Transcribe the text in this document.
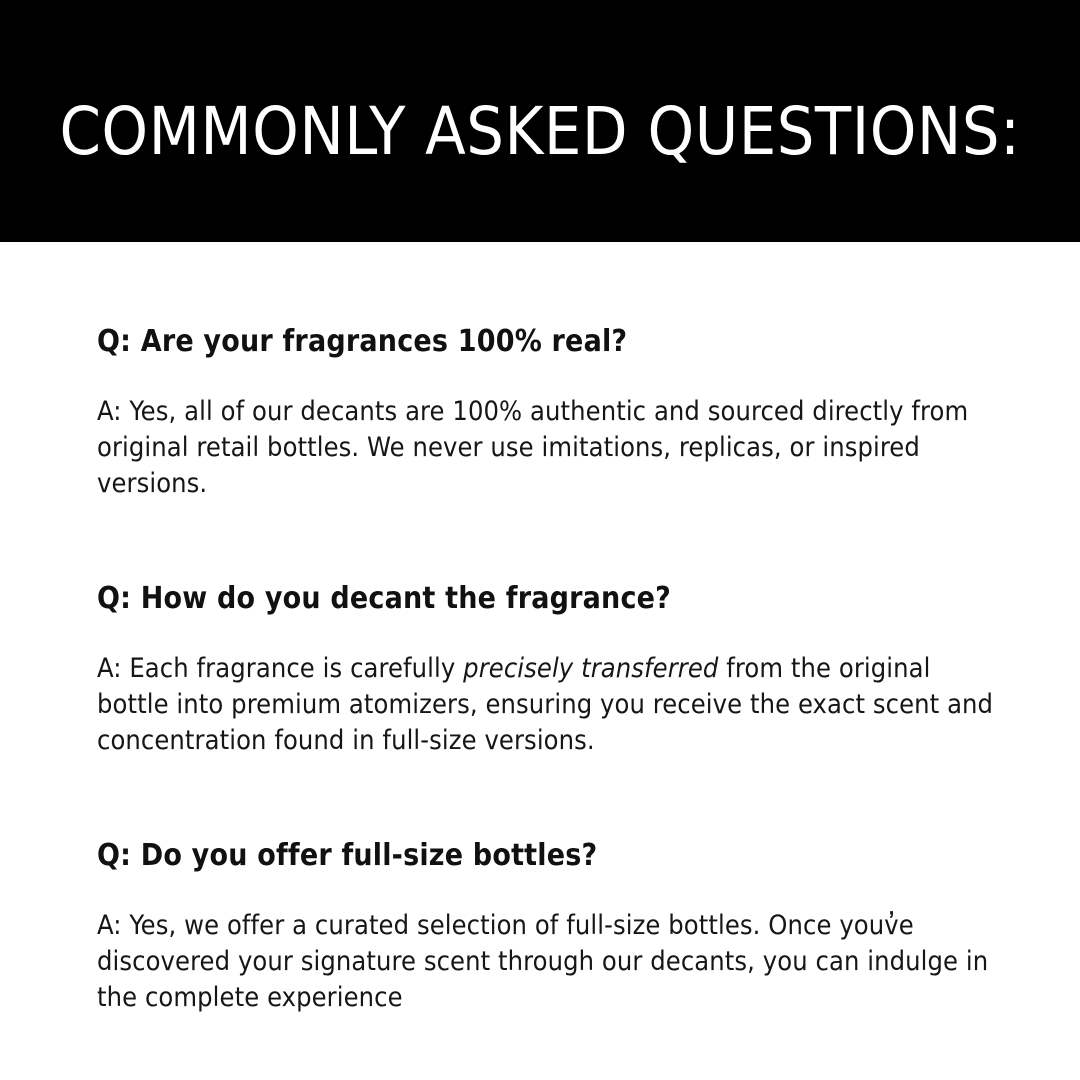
COMMONLY ASKED QUESTIONS:
Q: Are your fragrances 100% real?
A: Yes, all of our decants are 100% authentic and sourced directly from original retail bottles. We never use imitations, replicas, or inspired versions.
Q: How do you decant the fragrance?
A: Each fragrance is carefully precisely transferred from the original bottle into premium atomizers, ensuring you receive the exact scent and concentration found in full-size versions.
Q: Do you offer full-size bottles?
A: Yes, we offer a curated selection of full-size bottles. Once youv̓e discovered your signature scent through our decants, you can indulge in the complete experience
